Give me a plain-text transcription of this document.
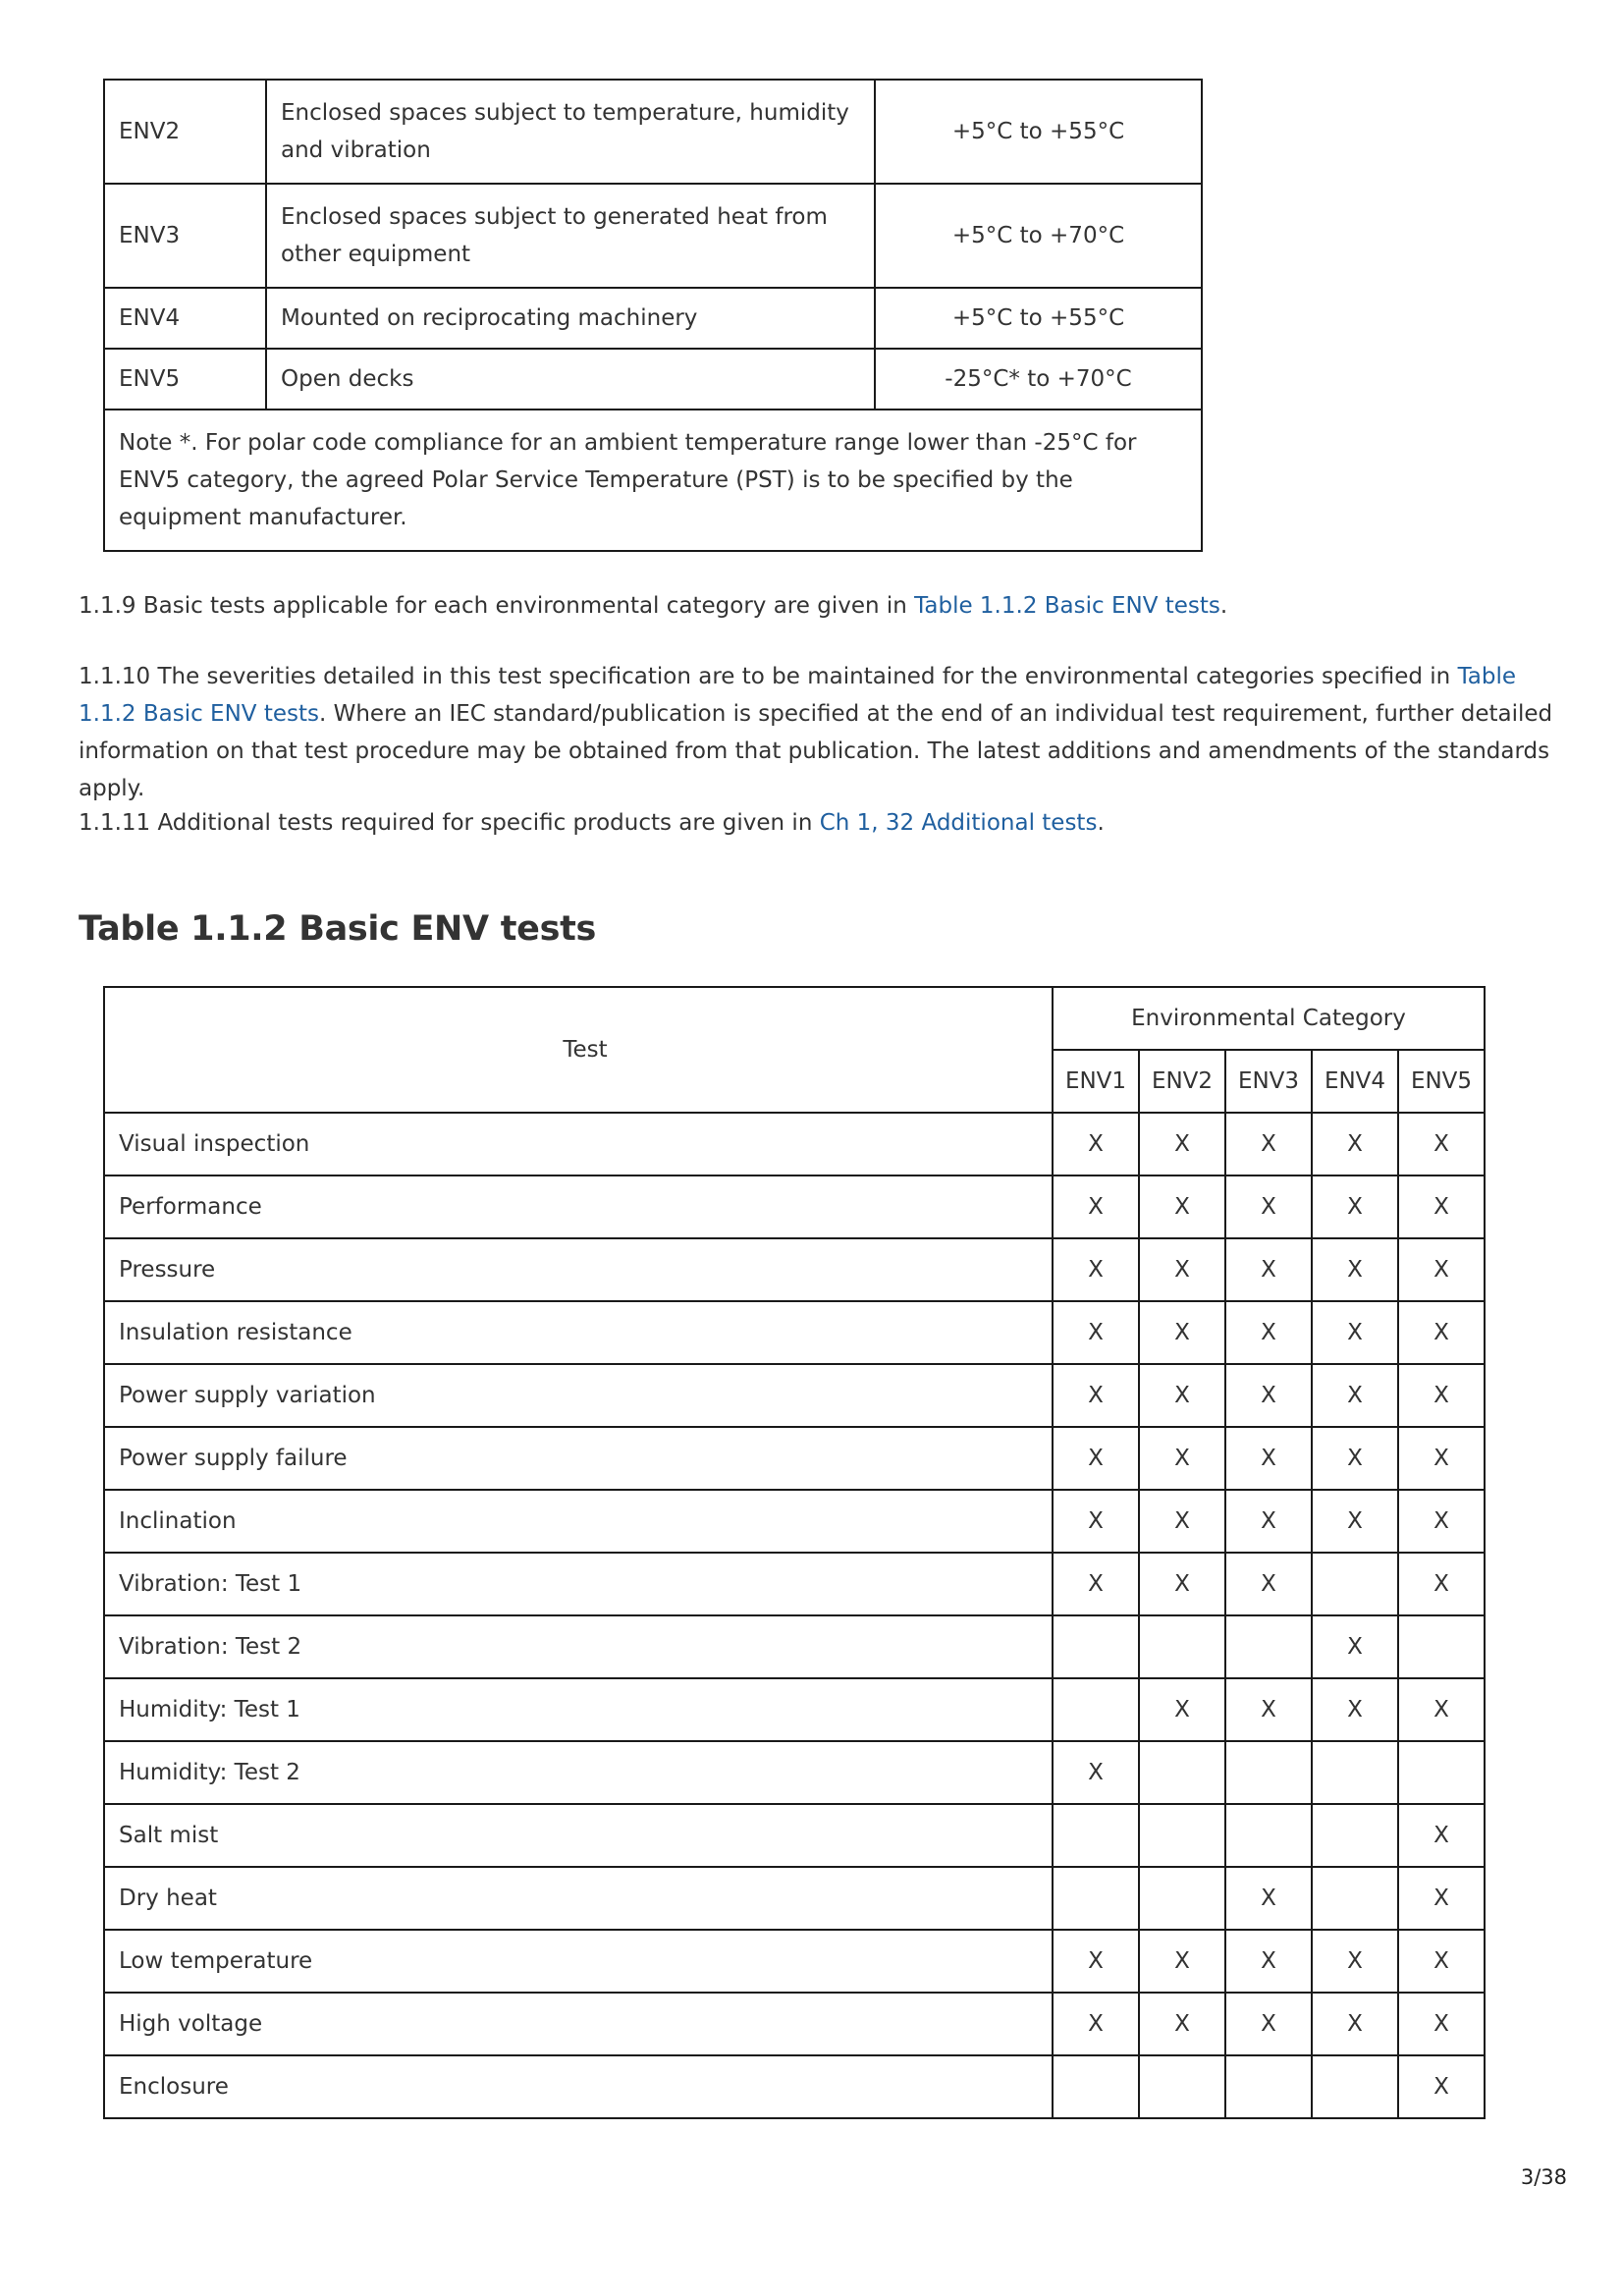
ENV2	Enclosed spaces subject to temperature, humidity and vibration	+5°C to +55°C
ENV3	Enclosed spaces subject to generated heat from other equipment	+5°C to +70°C
ENV4	Mounted on reciprocating machinery	+5°C to +55°C
ENV5	Open decks	-25°C* to +70°C
Note *. For polar code compliance for an ambient temperature range lower than -25°C for ENV5 category, the agreed Polar Service Temperature (PST) is to be specified by the equipment manufacturer.		

1.1.9 Basic tests applicable for each environmental category are given in Table 1.1.2 Basic ENV tests.

1.1.10 The severities detailed in this test specification are to be maintained for the environmental categories specified in Table 1.1.2 Basic ENV tests. Where an IEC standard/publication is specified at the end of an individual test requirement, further detailed information on that test procedure may be obtained from that publication. The latest additions and amendments of the standards apply.

1.1.11 Additional tests required for specific products are given in Ch 1, 32 Additional tests.

Table 1.1.2 Basic ENV tests
Test	Environmental Category				
	ENV1	ENV2	ENV3	ENV4	ENV5
Visual inspection	X	X	X	X	X
Performance	X	X	X	X	X
Pressure	X	X	X	X	X
Insulation resistance	X	X	X	X	X
Power supply variation	X	X	X	X	X
Power supply failure	X	X	X	X	X
Inclination	X	X	X	X	X
Vibration: Test 1	X	X	X		X
Vibration: Test 2				X	
Humidity: Test 1		X	X	X	X
Humidity: Test 2	X				
Salt mist					X
Dry heat			X		X
Low temperature	X	X	X	X	X
High voltage	X	X	X	X	X
Enclosure					X
3/38
